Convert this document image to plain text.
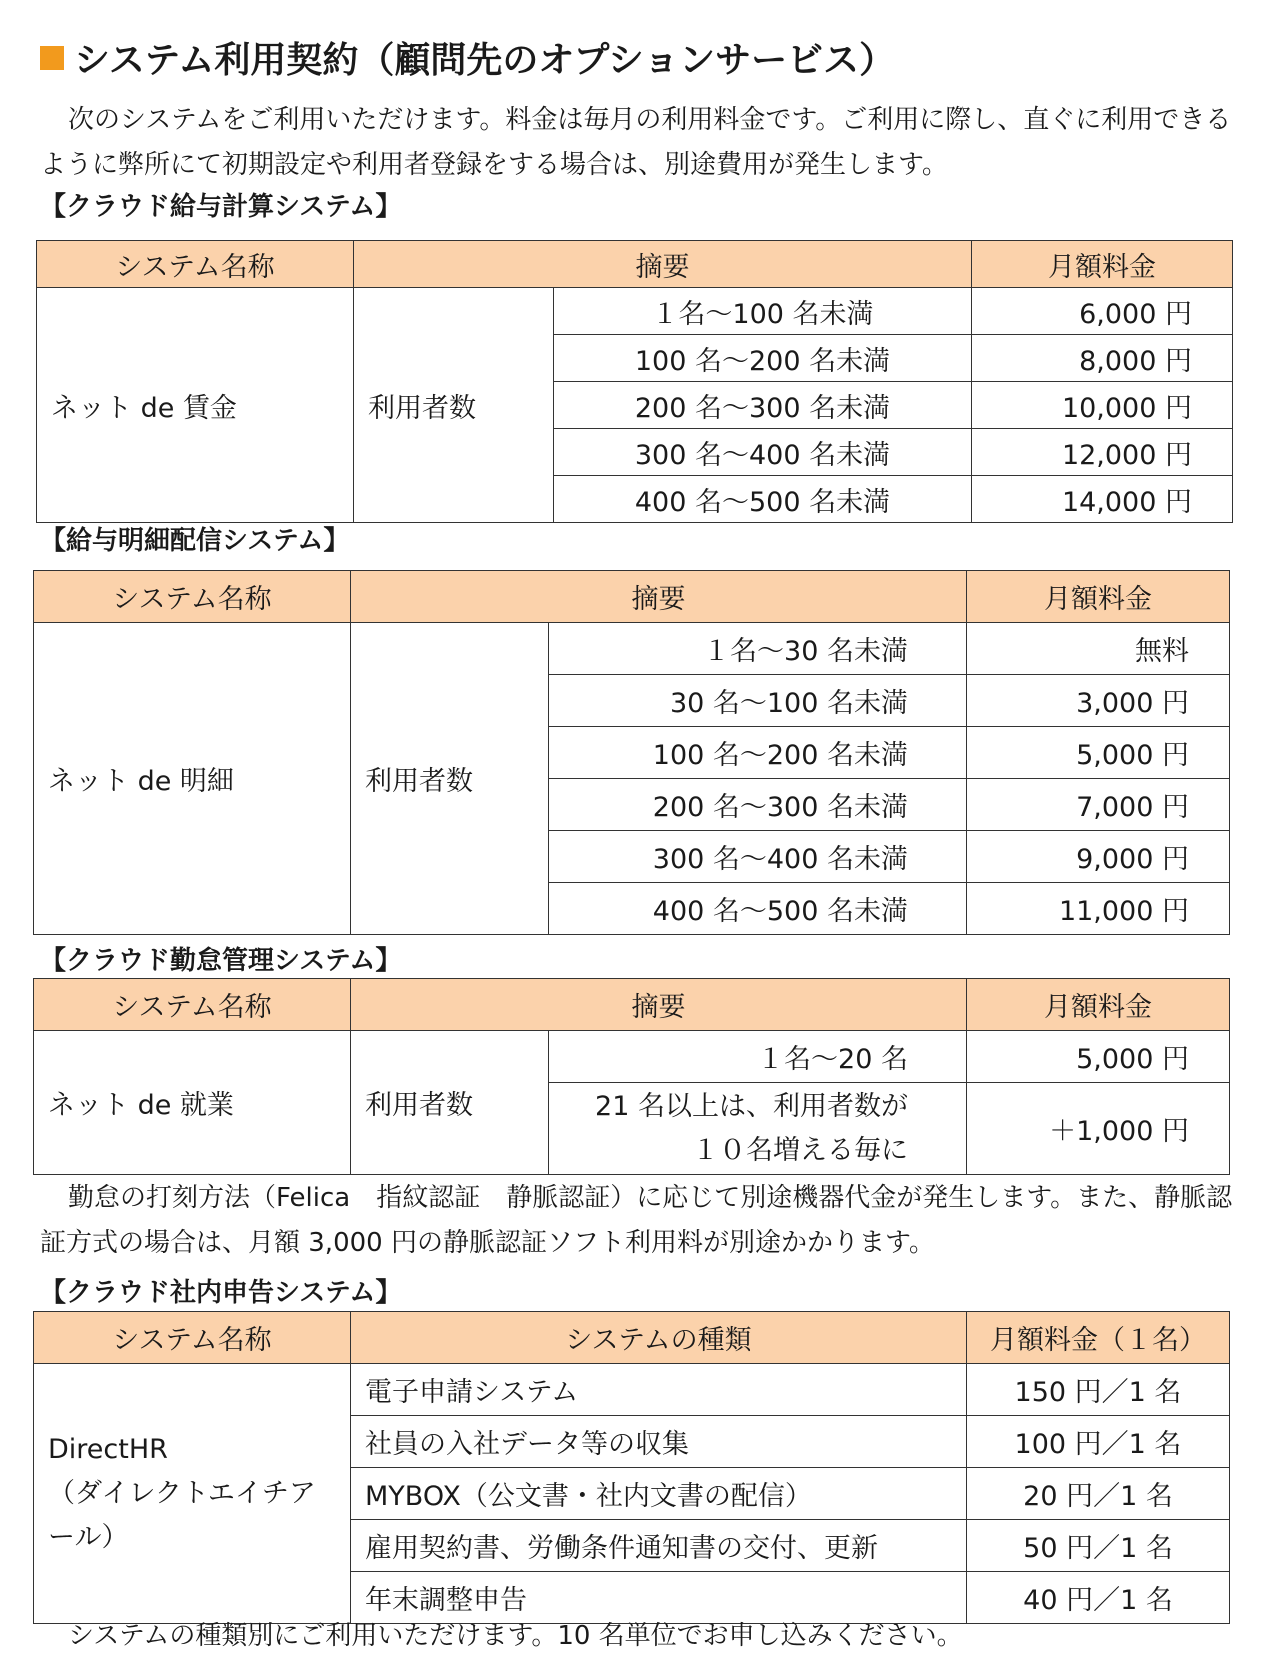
システム利用契約（顧問先のオプションサービス）
次のシステムをご利用いただけます。料金は毎月の利用料金です。ご利用に際し、直ぐに利用できるように弊所にて初期設定や利用者登録をする場合は、別途費用が発生します。
【クラウド給与計算システム】
システム名称	摘要		月額料金
ネット de 賃金	利用者数	１名～100 名未満	6,000 円
		100 名～200 名未満	8,000 円
		200 名～300 名未満	10,000 円
		300 名～400 名未満	12,000 円
		400 名～500 名未満	14,000 円
【給与明細配信システム】
システム名称	摘要		月額料金
ネット de 明細	利用者数	１名～30 名未満	無料
		30 名～100 名未満	3,000 円
		100 名～200 名未満	5,000 円
		200 名～300 名未満	7,000 円
		300 名～400 名未満	9,000 円
		400 名～500 名未満	11,000 円
【クラウド勤怠管理システム】
システム名称	摘要		月額料金
ネット de 就業	利用者数	１名～20 名	5,000 円
		21 名以上は、利用者数が
１０名増える毎に	＋1,000 円
勤怠の打刻方法（Felica　指紋認証　静脈認証）に応じて別途機器代金が発生します。また、静脈認証方式の場合は、月額 3,000 円の静脈認証ソフト利用料が別途かかります。
【クラウド社内申告システム】
システム名称	システムの種類	月額料金（１名）
DirectHR
（ダイレクトエイチアール）	電子申請システム	150 円／1 名
	社員の入社データ等の収集	100 円／1 名
	MYBOX（公文書・社内文書の配信）	20 円／1 名
	雇用契約書、労働条件通知書の交付、更新	50 円／1 名
	年末調整申告	40 円／1 名
システムの種類別にご利用いただけます。10 名単位でお申し込みください。
